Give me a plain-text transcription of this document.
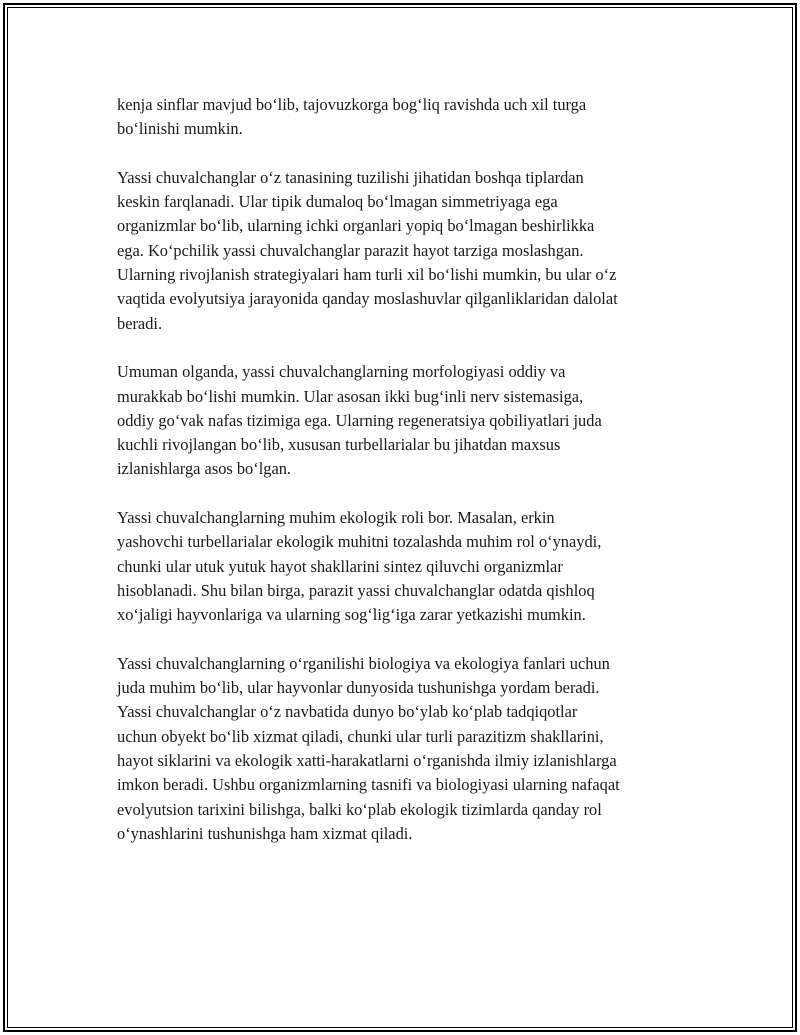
kenja sinflar mavjud bo‘lib, tajovuzkorga bog‘liq ravishda uch xil turga
bo‘linishi mumkin.

Yassi chuvalchanglar o‘z tanasining tuzilishi jihatidan boshqa tiplardan
keskin farqlanadi. Ular tipik dumaloq bo‘lmagan simmetriyaga ega
organizmlar bo‘lib, ularning ichki organlari yopiq bo‘lmagan beshirlikka
ega. Ko‘pchilik yassi chuvalchanglar parazit hayot tarziga moslashgan.
Ularning rivojlanish strategiyalari ham turli xil bo‘lishi mumkin, bu ular o‘z
vaqtida evolyutsiya jarayonida qanday moslashuvlar qilganliklaridan dalolat
beradi.

Umuman olganda, yassi chuvalchanglarning morfologiyasi oddiy va
murakkab bo‘lishi mumkin. Ular asosan ikki bug‘inli nerv sistemasiga,
oddiy go‘vak nafas tizimiga ega. Ularning regeneratsiya qobiliyatlari juda
kuchli rivojlangan bo‘lib, xususan turbellarialar bu jihatdan maxsus
izlanishlarga asos bo‘lgan.

Yassi chuvalchanglarning muhim ekologik roli bor. Masalan, erkin
yashovchi turbellarialar ekologik muhitni tozalashda muhim rol o‘ynaydi,
chunki ular utuk yutuk hayot shakllarini sintez qiluvchi organizmlar
hisoblanadi. Shu bilan birga, parazit yassi chuvalchanglar odatda qishloq
xo‘jaligi hayvonlariga va ularning sog‘lig‘iga zarar yetkazishi mumkin.

Yassi chuvalchanglarning o‘rganilishi biologiya va ekologiya fanlari uchun
juda muhim bo‘lib, ular hayvonlar dunyosida tushunishga yordam beradi.
Yassi chuvalchanglar o‘z navbatida dunyo bo‘ylab ko‘plab tadqiqotlar
uchun obyekt bo‘lib xizmat qiladi, chunki ular turli parazitizm shakllarini,
hayot siklarini va ekologik xatti-harakatlarni o‘rganishda ilmiy izlanishlarga
imkon beradi. Ushbu organizmlarning tasnifi va biologiyasi ularning nafaqat
evolyutsion tarixini bilishga, balki ko‘plab ekologik tizimlarda qanday rol
o‘ynashlarini tushunishga ham xizmat qiladi.
